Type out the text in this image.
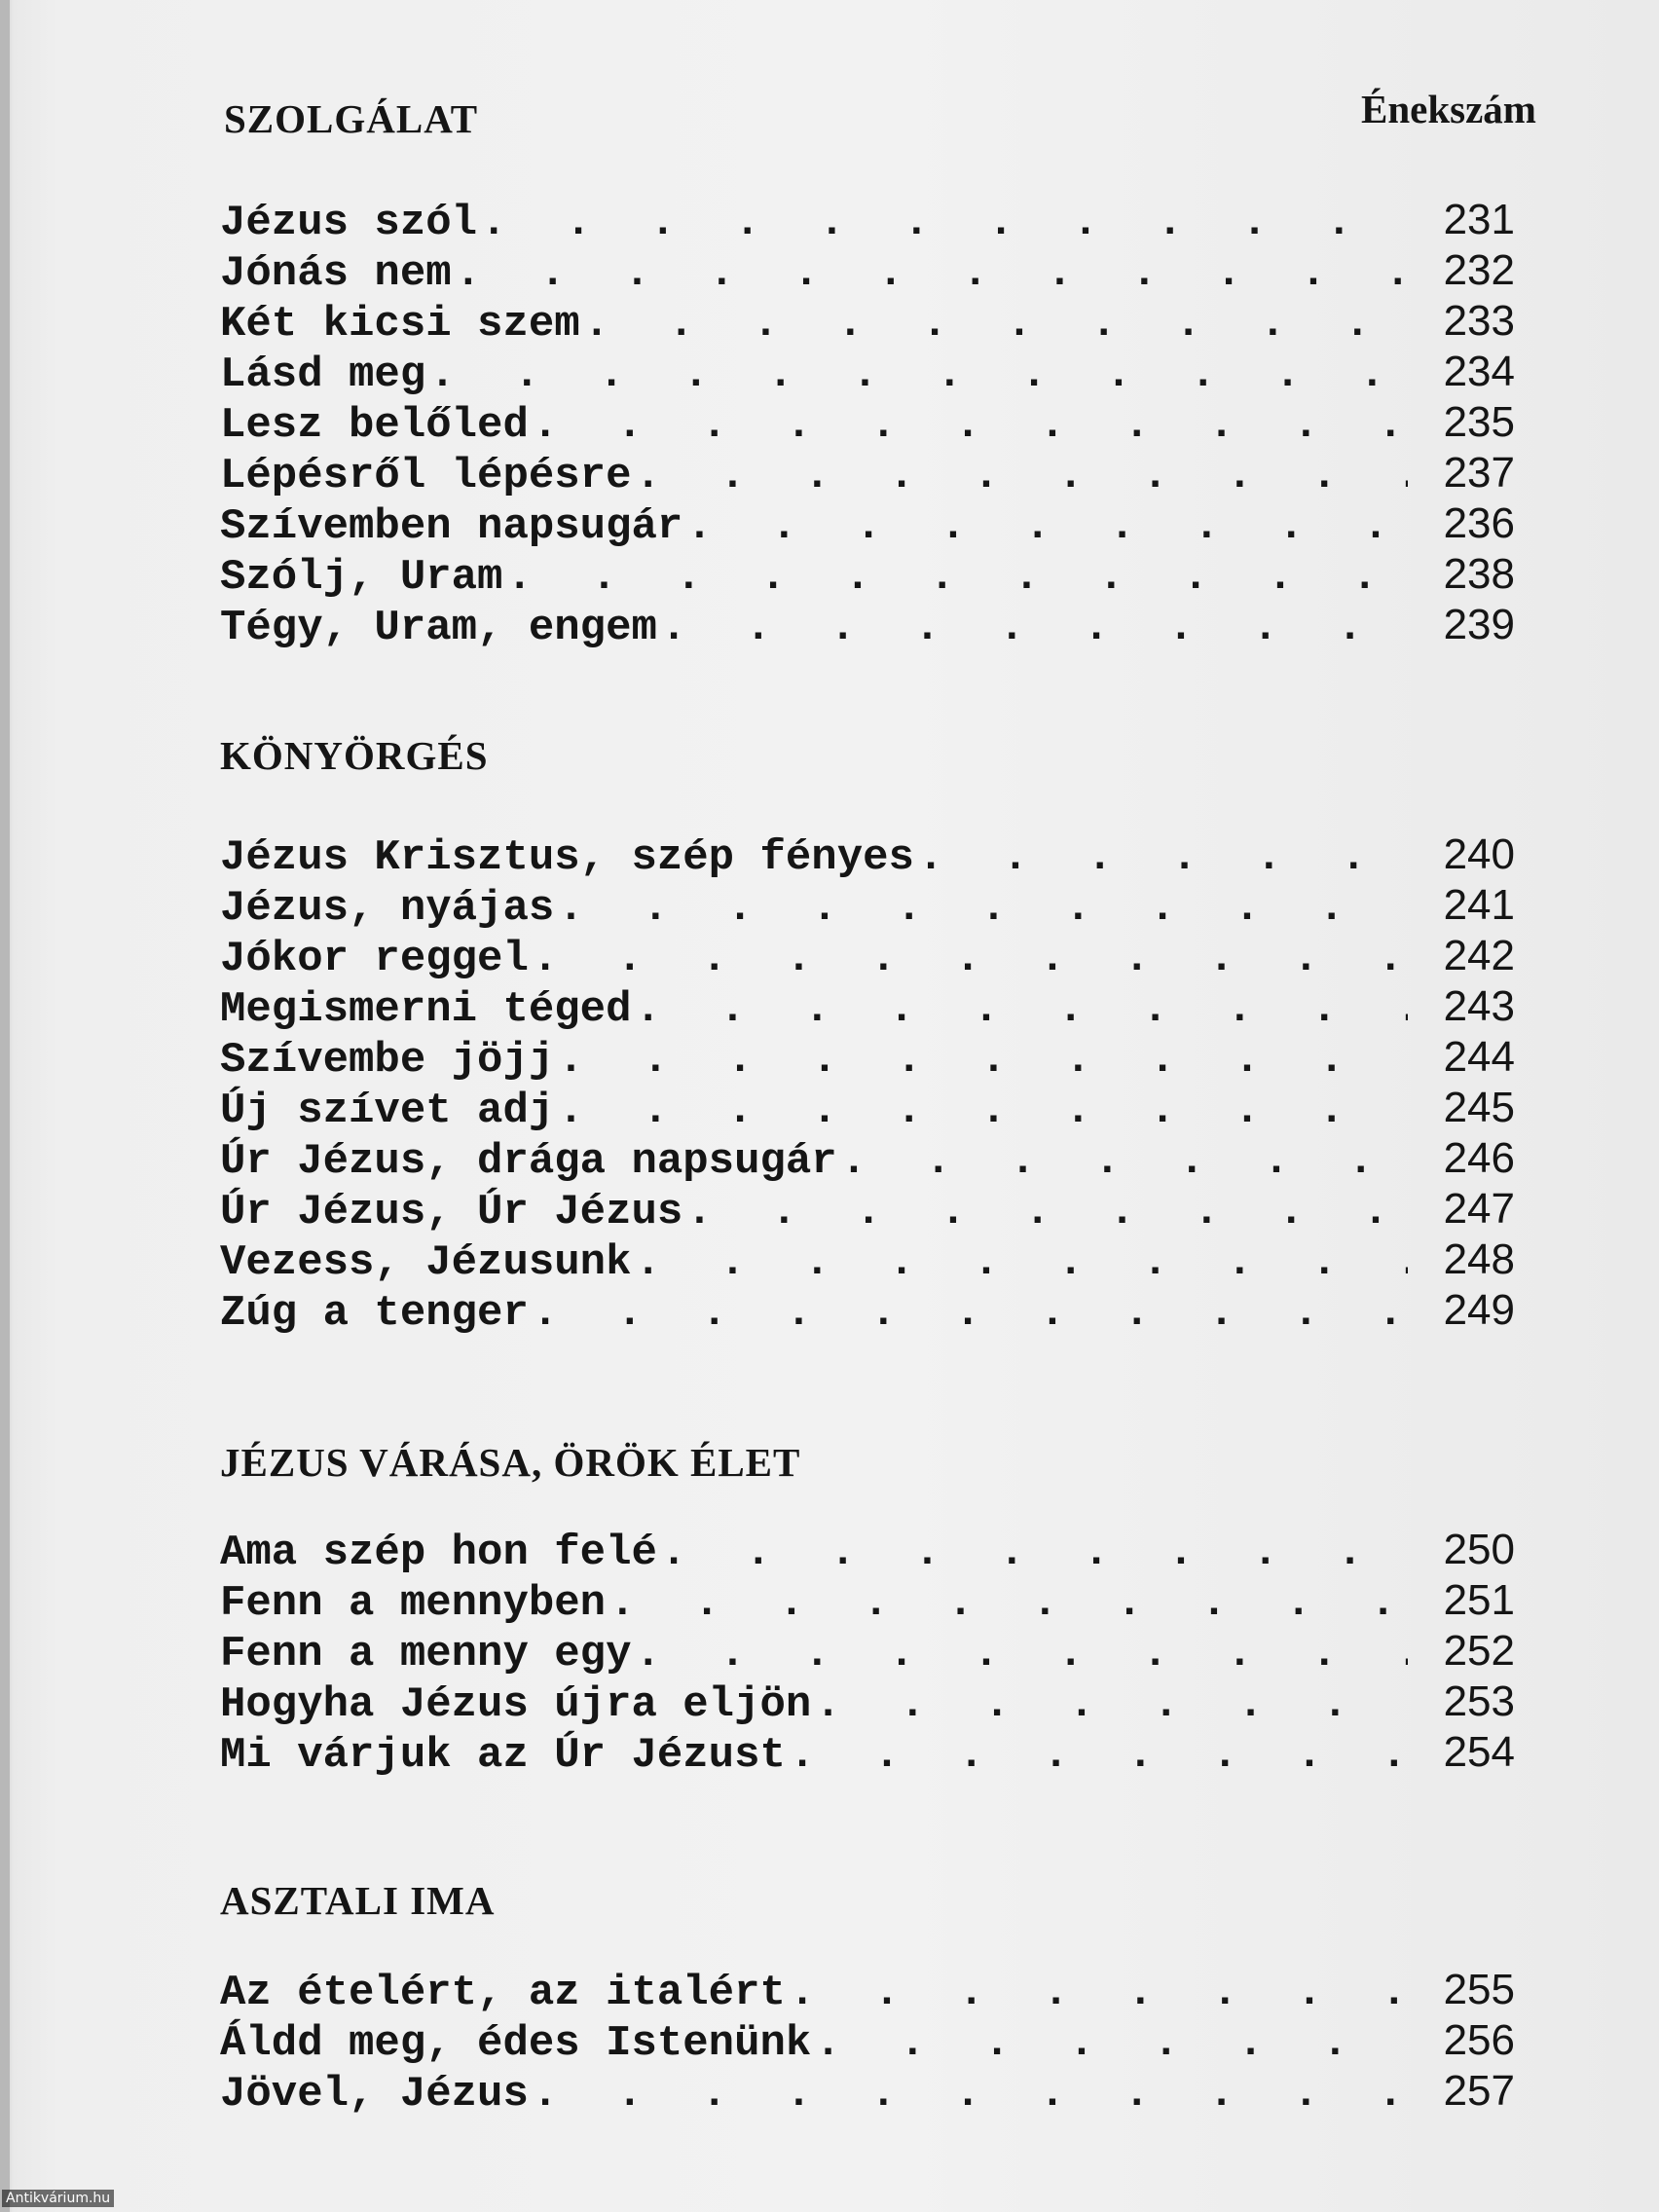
Énekszám
SZOLGÁLAT
Jézus szól . . .	231
Jónás nem . . .	232
Két kicsi szem . . .	233
Lásd meg . . .	234
Lesz belőled . . .	235
Lépésről lépésre . . .	237
Szívemben napsugár . . .	236
Szólj, Uram . . .	238
Tégy, Uram, engem . . .	239
KÖNYÖRGÉS
Jézus Krisztus, szép fényes . . .	240
Jézus, nyájas . . .	241
Jókor reggel . . .	242
Megismerni téged . . .	243
Szívembe jöjj . . .	244
Új szívet adj . . .	245
Úr Jézus, drága napsugár . . .	246
Úr Jézus, Úr Jézus . . .	247
Vezess, Jézusunk . . .	248
Zúg a tenger . . .	249
JÉZUS VÁRÁSA, ÖRÖK ÉLET
Ama szép hon felé . . .	250
Fenn a mennyben . . .	251
Fenn a menny egy . . .	252
Hogyha Jézus újra eljön . . .	253
Mi várjuk az Úr Jézust . . .	254
ASZTALI IMA
Az ételért, az italért . . .	255
Áldd meg, édes Istenünk . . .	256
Jövel, Jézus . . .	257
Antikvárium.hu
